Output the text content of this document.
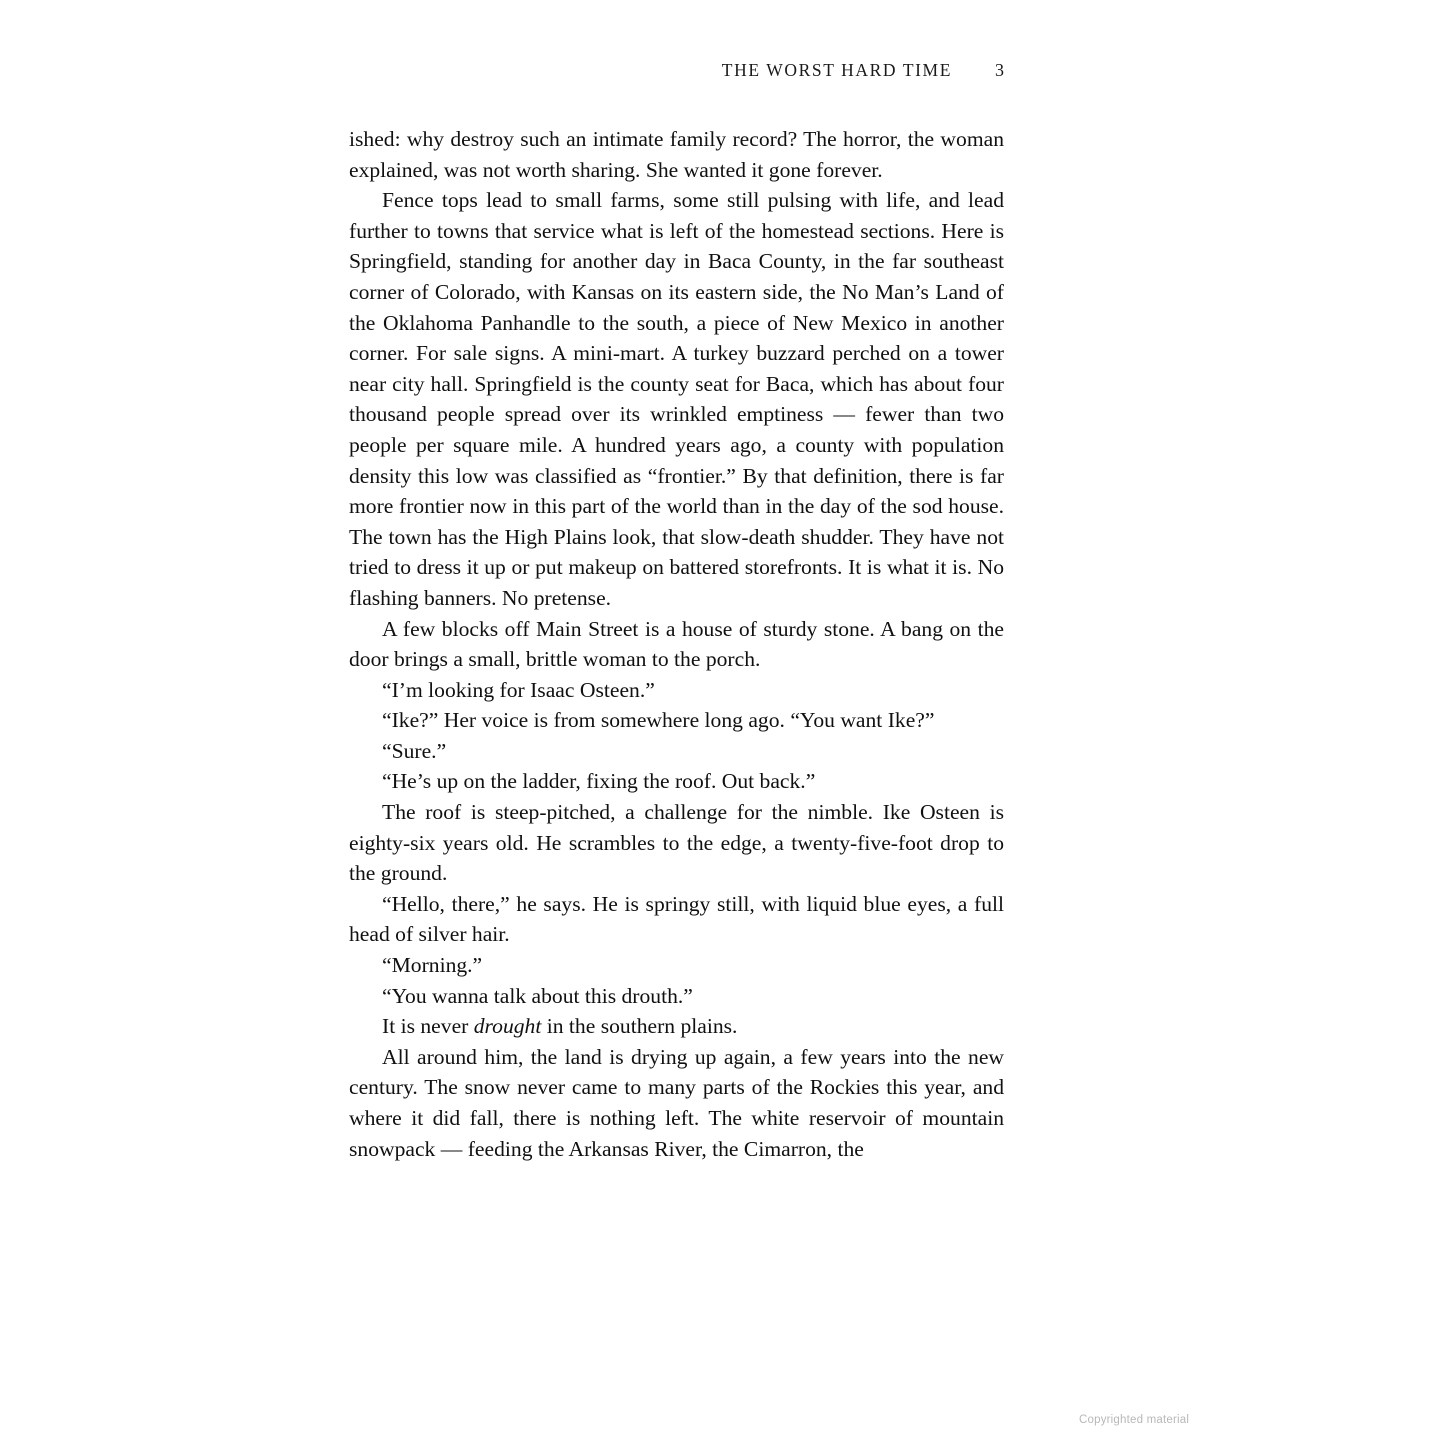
THE WORST HARD TIME 3

ished: why destroy such an intimate family record? The horror, the woman explained, was not worth sharing. She wanted it gone forever.

Fence tops lead to small farms, some still pulsing with life, and lead further to towns that service what is left of the homestead sections. Here is Springfield, standing for another day in Baca County, in the far southeast corner of Colorado, with Kansas on its eastern side, the No Man’s Land of the Oklahoma Panhandle to the south, a piece of New Mexico in another corner. For sale signs. A mini-mart. A turkey buzzard perched on a tower near city hall. Springfield is the county seat for Baca, which has about four thousand people spread over its wrinkled emptiness — fewer than two people per square mile. A hundred years ago, a county with population density this low was classified as “frontier.” By that definition, there is far more frontier now in this part of the world than in the day of the sod house. The town has the High Plains look, that slow-death shudder. They have not tried to dress it up or put makeup on battered storefronts. It is what it is. No flashing banners. No pretense.

A few blocks off Main Street is a house of sturdy stone. A bang on the door brings a small, brittle woman to the porch.

“I’m looking for Isaac Osteen.”

“Ike?” Her voice is from somewhere long ago. “You want Ike?”

“Sure.”

“He’s up on the ladder, fixing the roof. Out back.”

The roof is steep-pitched, a challenge for the nimble. Ike Osteen is eighty-six years old. He scrambles to the edge, a twenty-five-foot drop to the ground.

“Hello, there,” he says. He is springy still, with liquid blue eyes, a full head of silver hair.

“Morning.”

“You wanna talk about this drouth.”

It is never drought in the southern plains.

All around him, the land is drying up again, a few years into the new century. The snow never came to many parts of the Rockies this year, and where it did fall, there is nothing left. The white reservoir of mountain snowpack — feeding the Arkansas River, the Cimarron, the

Copyrighted material
